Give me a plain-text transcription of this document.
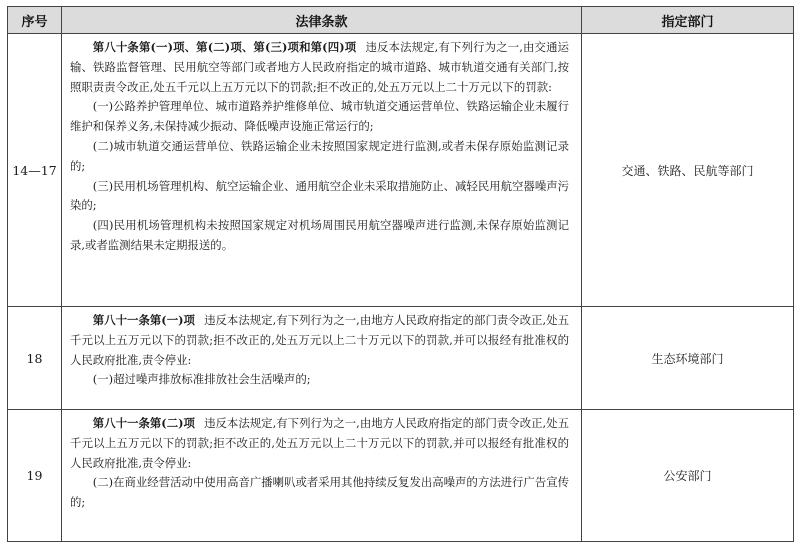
序号	法律条款	指定部门
14—17	第八十条第(一)项、第(二)项、第(三)项和第(四)项 违反本法规定,有下列行为之一,由交通运输、铁路监督管理、民用航空等部门或者地方人民政府指定的城市道路、城市轨道交通有关部门,按照职责责令改正,处五千元以上五万元以下的罚款;拒不改正的,处五万元以上二十万元以下的罚款:

(一)公路养护管理单位、城市道路养护维修单位、城市轨道交通运营单位、铁路运输企业未履行维护和保养义务,未保持减少振动、降低噪声设施正常运行的;

(二)城市轨道交通运营单位、铁路运输企业未按照国家规定进行监测,或者未保存原始监测记录的;

(三)民用机场管理机构、航空运输企业、通用航空企业未采取措施防止、减轻民用航空器噪声污染的;

(四)民用机场管理机构未按照国家规定对机场周围民用航空器噪声进行监测,未保存原始监测记录,或者监测结果未定期报送的。	交通、铁路、民航等部门
18	第八十一条第(一)项 违反本法规定,有下列行为之一,由地方人民政府指定的部门责令改正,处五千元以上五万元以下的罚款;拒不改正的,处五万元以上二十万元以下的罚款,并可以报经有批准权的人民政府批准,责令停业:

(一)超过噪声排放标准排放社会生活噪声的;	生态环境部门
19	第八十一条第(二)项 违反本法规定,有下列行为之一,由地方人民政府指定的部门责令改正,处五千元以上五万元以下的罚款;拒不改正的,处五万元以上二十万元以下的罚款,并可以报经有批准权的人民政府批准,责令停业:

(二)在商业经营活动中使用高音广播喇叭或者采用其他持续反复发出高噪声的方法进行广告宣传的;	公安部门
